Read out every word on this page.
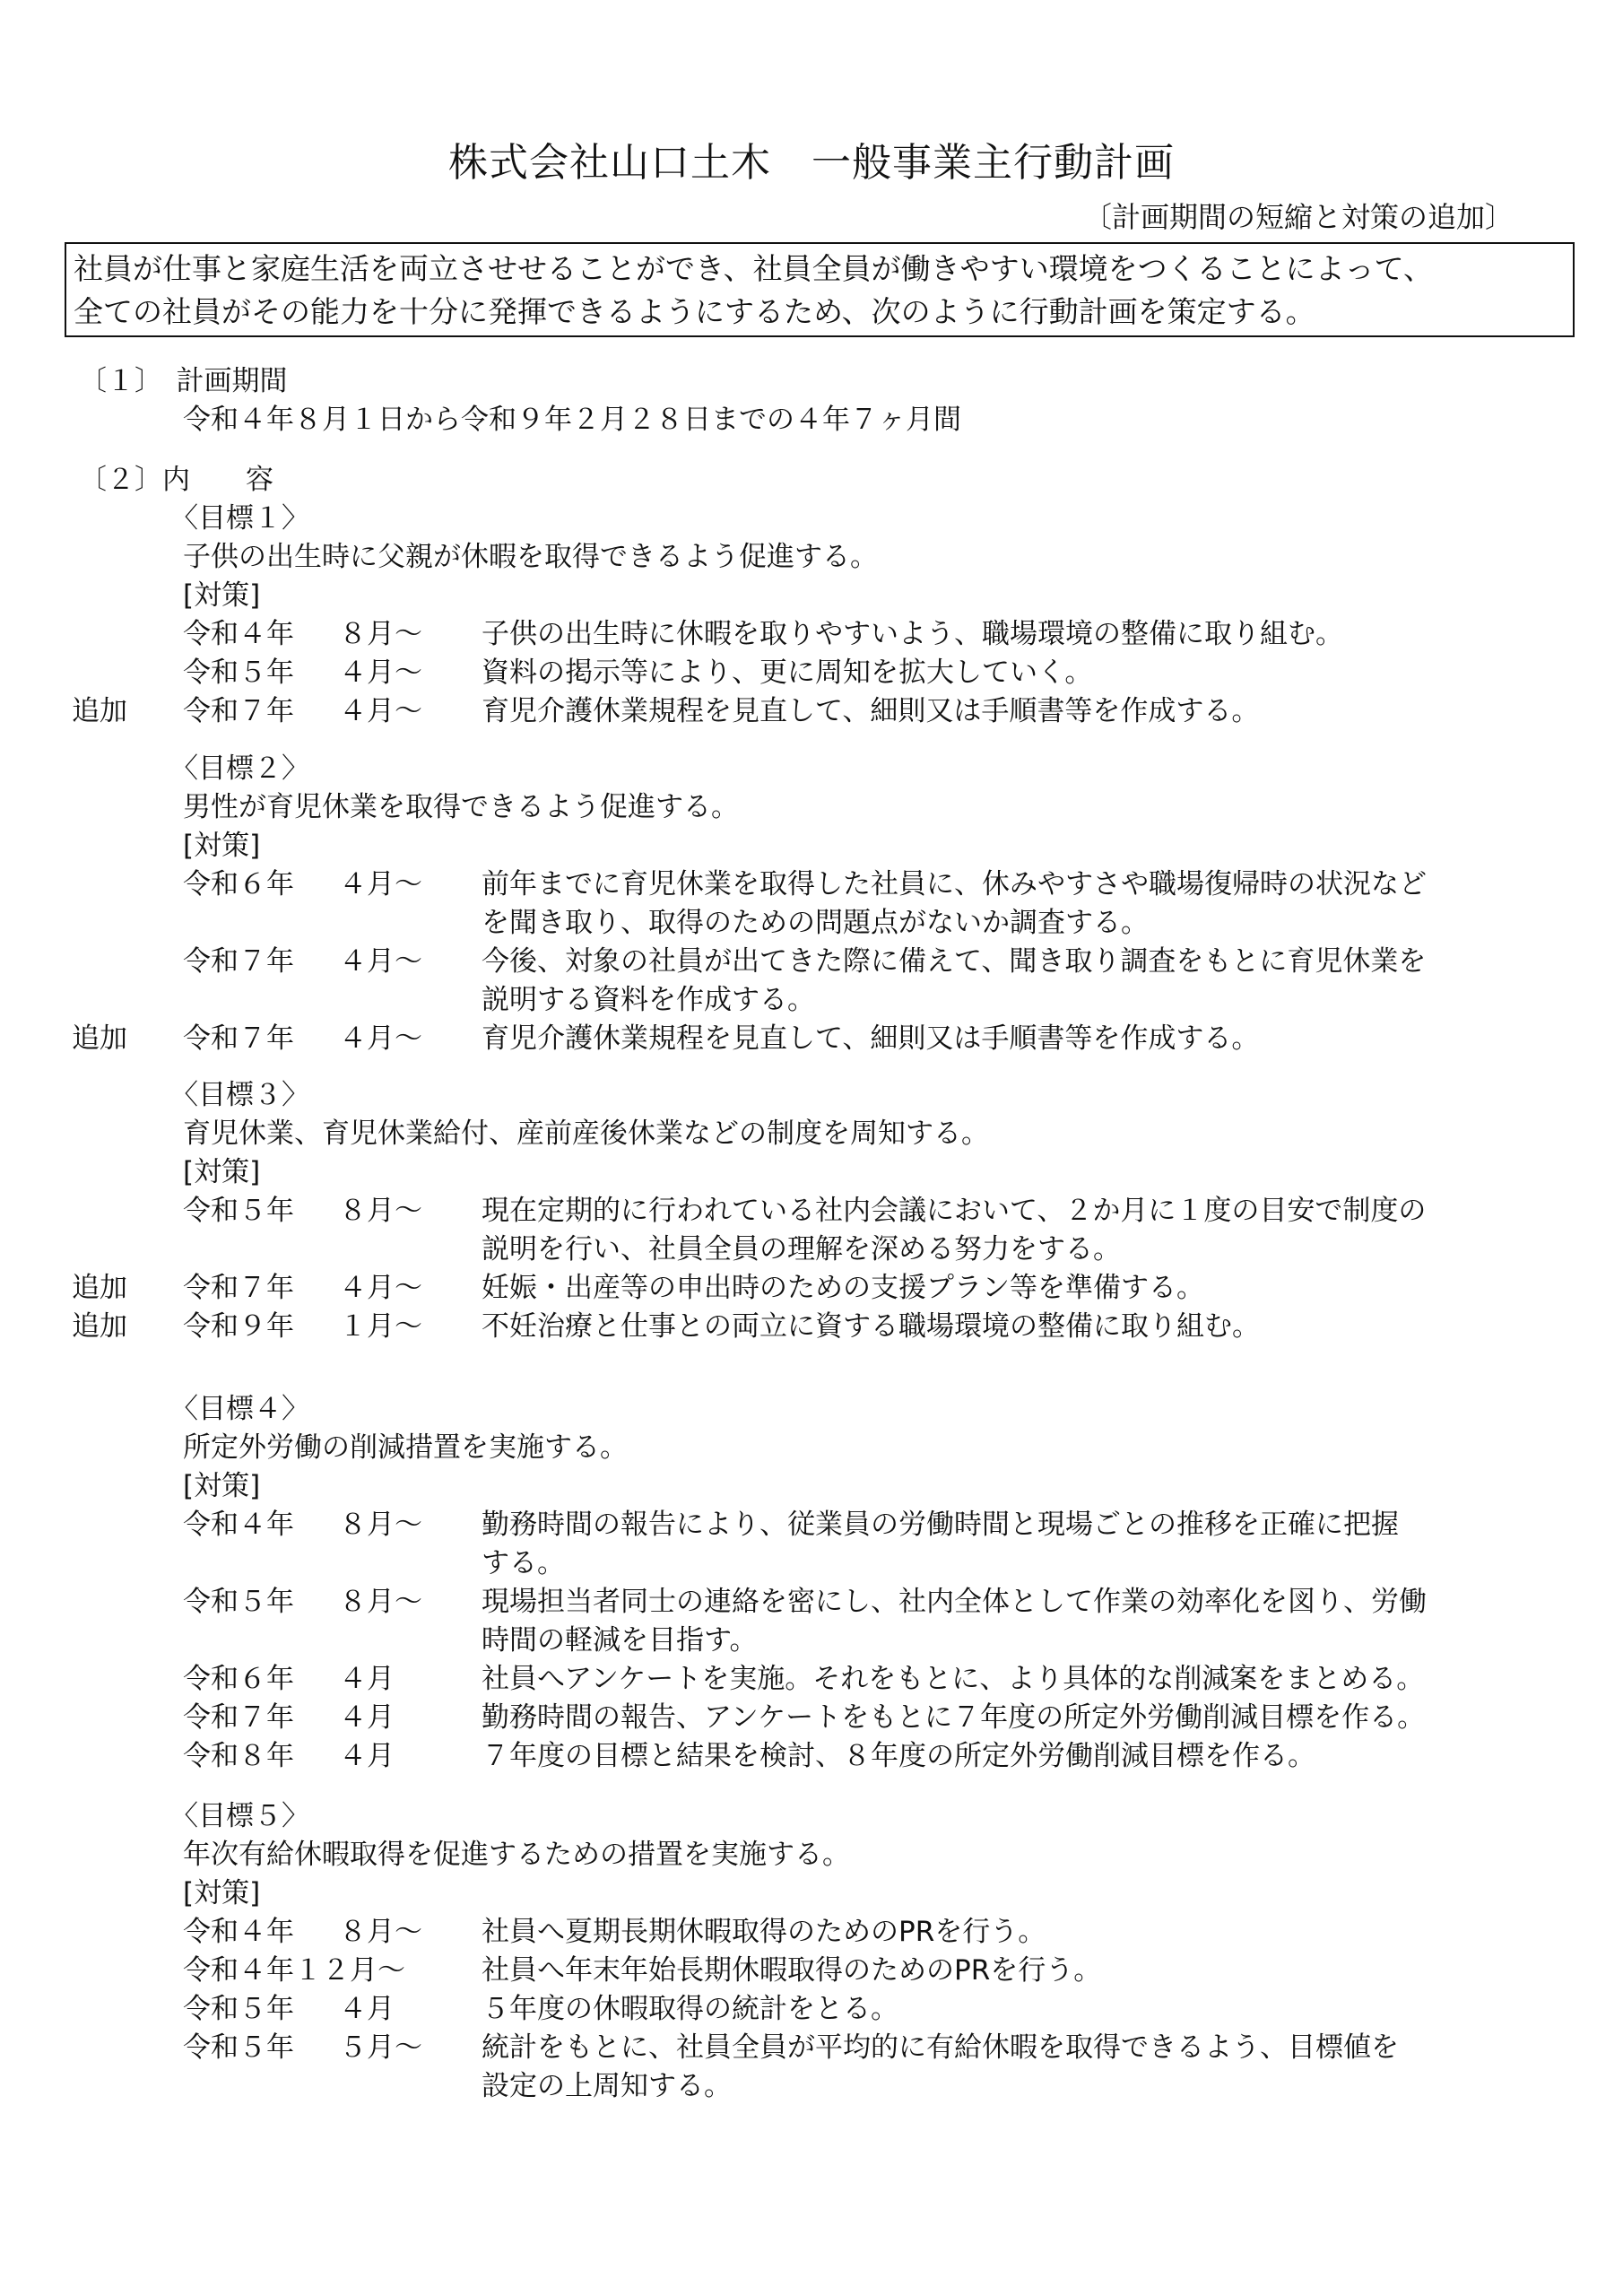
株式会社山口土木　一般事業主行動計画
〔計画期間の短縮と対策の追加〕
社員が仕事と家庭生活を両立させせることができ、社員全員が働きやすい環境をつくることによって、
全ての社員がその能力を十分に発揮できるようにするため、次のように行動計画を策定する。
〔１〕　計画期間
令和４年８月１日から令和９年２月２８日までの４年７ヶ月間
〔２〕内　　容
〈目標１〉
子供の出生時に父親が休暇を取得できるよう促進する。
[対策]
令和４年 ８月～ 子供の出生時に休暇を取りやすいよう、職場環境の整備に取り組む。
令和５年 ４月～ 資料の掲示等により、更に周知を拡大していく。
追加 令和７年 ４月～ 育児介護休業規程を見直して、細則又は手順書等を作成する。
〈目標２〉
男性が育児休業を取得できるよう促進する。
[対策]
令和６年 ４月～ 前年までに育児休業を取得した社員に、休みやすさや職場復帰時の状況など
を聞き取り、取得のための問題点がないか調査する。
令和７年 ４月～ 今後、対象の社員が出てきた際に備えて、聞き取り調査をもとに育児休業を
説明する資料を作成する。
追加 令和７年 ４月～ 育児介護休業規程を見直して、細則又は手順書等を作成する。
〈目標３〉
育児休業、育児休業給付、産前産後休業などの制度を周知する。
[対策]
令和５年 ８月～ 現在定期的に行われている社内会議において、２か月に１度の目安で制度の
説明を行い、社員全員の理解を深める努力をする。
追加 令和７年 ４月～ 妊娠・出産等の申出時のための支援プラン等を準備する。
追加 令和９年 １月～ 不妊治療と仕事との両立に資する職場環境の整備に取り組む。
〈目標４〉
所定外労働の削減措置を実施する。
[対策]
令和４年 ８月～ 勤務時間の報告により、従業員の労働時間と現場ごとの推移を正確に把握
する。
令和５年 ８月～ 現場担当者同士の連絡を密にし、社内全体として作業の効率化を図り、労働
時間の軽減を目指す。
令和６年 ４月	社員へアンケートを実施。それをもとに、より具体的な削減案をまとめる。
令和７年 ４月	勤務時間の報告、アンケートをもとに７年度の所定外労働削減目標を作る。
令和８年 ４月	７年度の目標と結果を検討、８年度の所定外労働削減目標を作る。
〈目標５〉
年次有給休暇取得を促進するための措置を実施する。
[対策]
令和４年 ８月～ 社員へ夏期長期休暇取得のためのPRを行う。
令和４年１２月～	社員へ年末年始長期休暇取得のためのPRを行う。
令和５年 ４月	５年度の休暇取得の統計をとる。
令和５年 ５月～ 統計をもとに、社員全員が平均的に有給休暇を取得できるよう、目標値を
設定の上周知する。
